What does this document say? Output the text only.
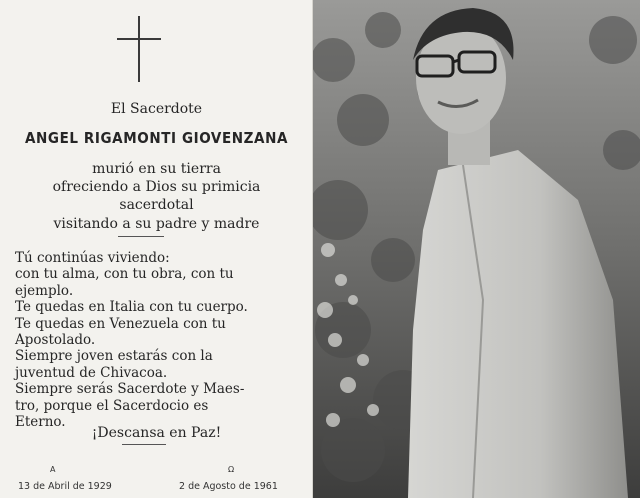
El Sacerdote
ANGEL RIGAMONTI GIOVENZANA
murió en su tierra
ofreciendo a Dios su primicia
sacerdotal
visitando a su padre y madre
Tú continúas viviendo:
con tu alma, con tu obra, con tu
ejemplo.
Te quedas en Italia con tu cuerpo.
Te quedas en Venezuela con tu
Apostolado.
Siempre joven estarás con la
juventud de Chivacoa.
Siempre serás Sacerdote y Maes-
tro, porque el Sacerdocio es
Eterno.
¡Descansa en Paz!
A	Ω
13 de Abril de 1929	2 de Agosto de 1961
